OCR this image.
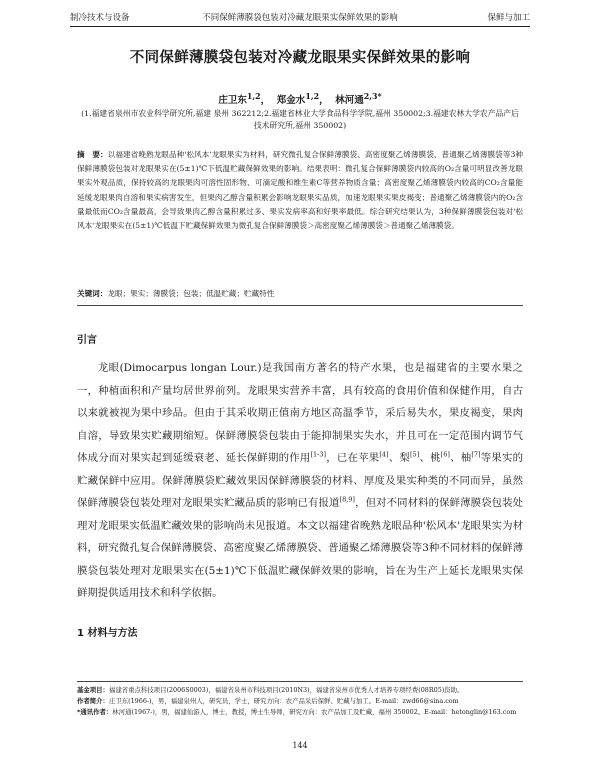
制冷技术与设备	不同保鲜薄膜袋包装对冷藏龙眼果实保鲜效果的影响	保鲜与加工
不同保鲜薄膜袋包装对冷藏龙眼果实保鲜效果的影响
庄卫东$^{1,2}$，  郑金水$^{1,2}$，  林河通$^{2,3*}$
(1.福建省泉州市农业科学研究所,福建 泉州 362212;2.福建省林业大学食品科学学院,福州 350002;3.福建农林大学农产品产后技术研究所,福州 350002)
摘　要：以福建省晚熟龙眼品种'松风本'龙眼果实为材料，研究微孔复合保鲜薄膜袋、高密度聚乙烯薄膜袋、普通聚乙烯薄膜袋等3种保鲜薄膜袋包装对龙眼果实在(5±1)℃下低温贮藏保鲜效果的影响。结果表明：微孔复合保鲜薄膜袋内较高的O₂含量可明显改善龙眼果实外观品质，保持较高的龙眼果肉可溶性固形物、可滴定酸和维生素C等营养物质含量；高密度聚乙烯薄膜袋内较高的CO₂含量能延缓龙眼果肉自溶和果实病害发生，但果肉乙醇含量积累会影响龙眼果实品质，加速龙眼果实果皮褐变；普通聚乙烯薄膜袋内的O₂含量最低而CO₂含量最高，会导致果肉乙醇含量积累过多、果实发病率高和好果率最低。综合研究结果认为，3种保鲜薄膜袋包装对'松风本'龙眼果实在(5±1)℃低温下贮藏保鲜效果为微孔复合保鲜薄膜袋＞高密度聚乙烯薄膜袋＞普通聚乙烯薄膜袋。
关键词：龙眼；果实；薄膜袋；包装；低温贮藏；贮藏特性
引言
龙眼(Dimocarpus longan Lour.)是我国南方著名的特产水果，也是福建省的主要水果之一，种植面积和产量均居世界前列。龙眼果实营养丰富，具有较高的食用价值和保健作用，自古以来就被视为果中珍品。但由于其采收期正值南方地区高温季节，采后易失水，果皮褐变，果肉自溶，导致果实贮藏期缩短。保鲜薄膜袋包装由于能抑制果实失水，并且可在一定范围内调节气体成分而对果实起到延缓衰老、延长保鲜期的作用[1-3]，已在苹果[4]、梨[5]、桃[6]、柚[7]等果实的贮藏保鲜中应用。保鲜薄膜袋贮藏效果因保鲜薄膜袋的材料、厚度及果实种类的不同而异，虽然保鲜薄膜袋包装处理对龙眼果实贮藏品质的影响已有报道[8,9]，但对不同材料的保鲜薄膜袋包装处理对龙眼果实低温贮藏效果的影响尚未见报道。本文以福建省晚熟龙眼品种'松风本'龙眼果实为材料，研究微孔复合保鲜薄膜袋、高密度聚乙烯薄膜袋、普通聚乙烯薄膜袋等3种不同材料的保鲜薄膜袋包装处理对龙眼果实在(5±1)℃下低温贮藏保鲜效果的影响，旨在为生产上延长龙眼果实保鲜期提供适用技术和科学依据。
1 材料与方法

基金项目：福建省重点科技项目(2006S0003)，福建省泉州市科技项目(2010N3)，福建省泉州市优秀人才培养专项经费(08R05)资助。

作者简介：庄卫东(1966-)，男，福建泉州人，研究员，学士，研究方向：农产品采后保鲜、贮藏与加工。E-mail：zwd66@sina.com

*通讯作者：林河通(1967-)，男，福建仙游人，博士，教授，博士生导师，研究方向：农产品加工及贮藏，福州 350002。E-mail：hetonglin@163.com

144
